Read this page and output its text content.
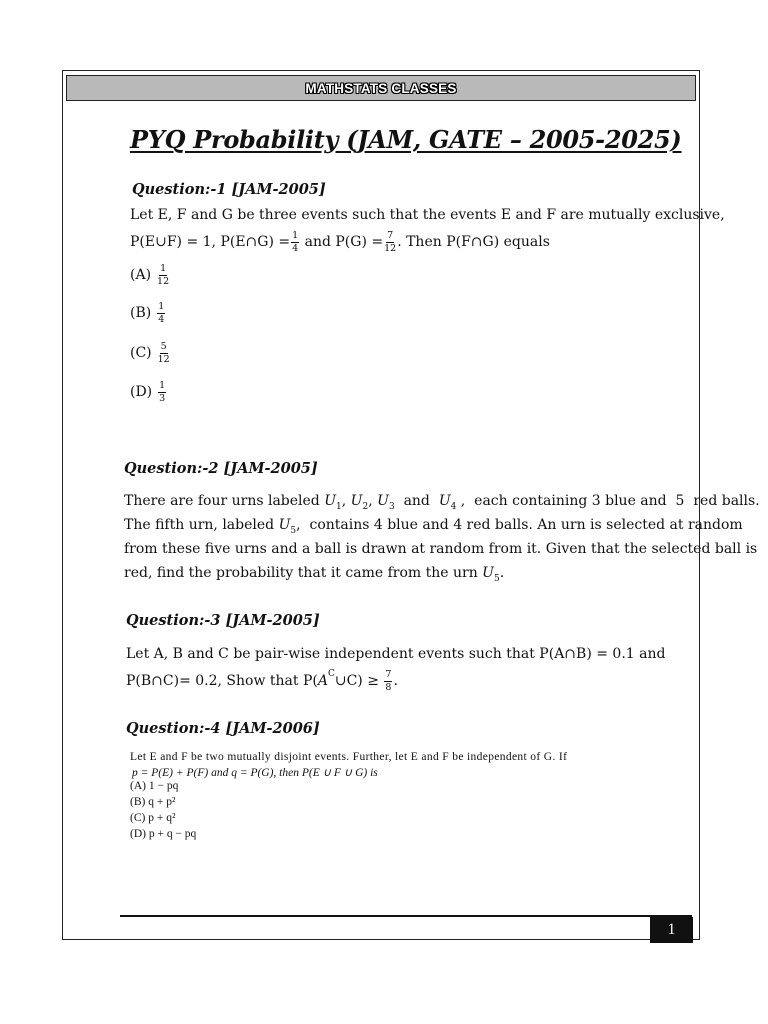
MATHSTATS CLASSES
PYQ Probability (JAM, GATE – 2005-2025)
Question:-1 [JAM-2005]
Let E, F and G be three events such that the events E and F are mutually exclusive,
P(E∪F) = 1, P(E∩G) = $\frac{1}{4}$ and $P(G) = \frac{7}{12}$ . Then P(F∩G) equals
$(A) \frac{1}{12}$
$(B) \frac{1}{4}$
$(C) \frac{5}{12}$
$(D) \frac{1}{3}$
Question:-2 [JAM-2005]
There are four urns labeled $U_1$, $U_2$, $U_3$  and  $U_4$ ,  each containing 3 blue and  5  red balls.
The fifth urn, labeled $U_5$,  contains 4 blue and 4 red balls. An urn is selected at random
from these five urns and a ball is drawn at random from it. Given that the selected ball is
red, find the probability that it came from the urn $U_5$.
Question:-3 [JAM-2005]
Let A, B and C be pair-wise independent events such that P(A∩B) = 0.1 and
P(B∩C)= 0.2, Show that P( $A^C$ ∪C) ≥ $\frac{7}{8}$ .
Question:-4 [JAM-2006]
Let E and F be two mutually disjoint events. Further, let E and F be independent of G. If
p = P(E) + P(F) and q = P(G), then P(E ∪ F ∪ G) is
(A) 1 − pq
(B) q + p²
(C) p + q²
(D) p + q − pq
1
